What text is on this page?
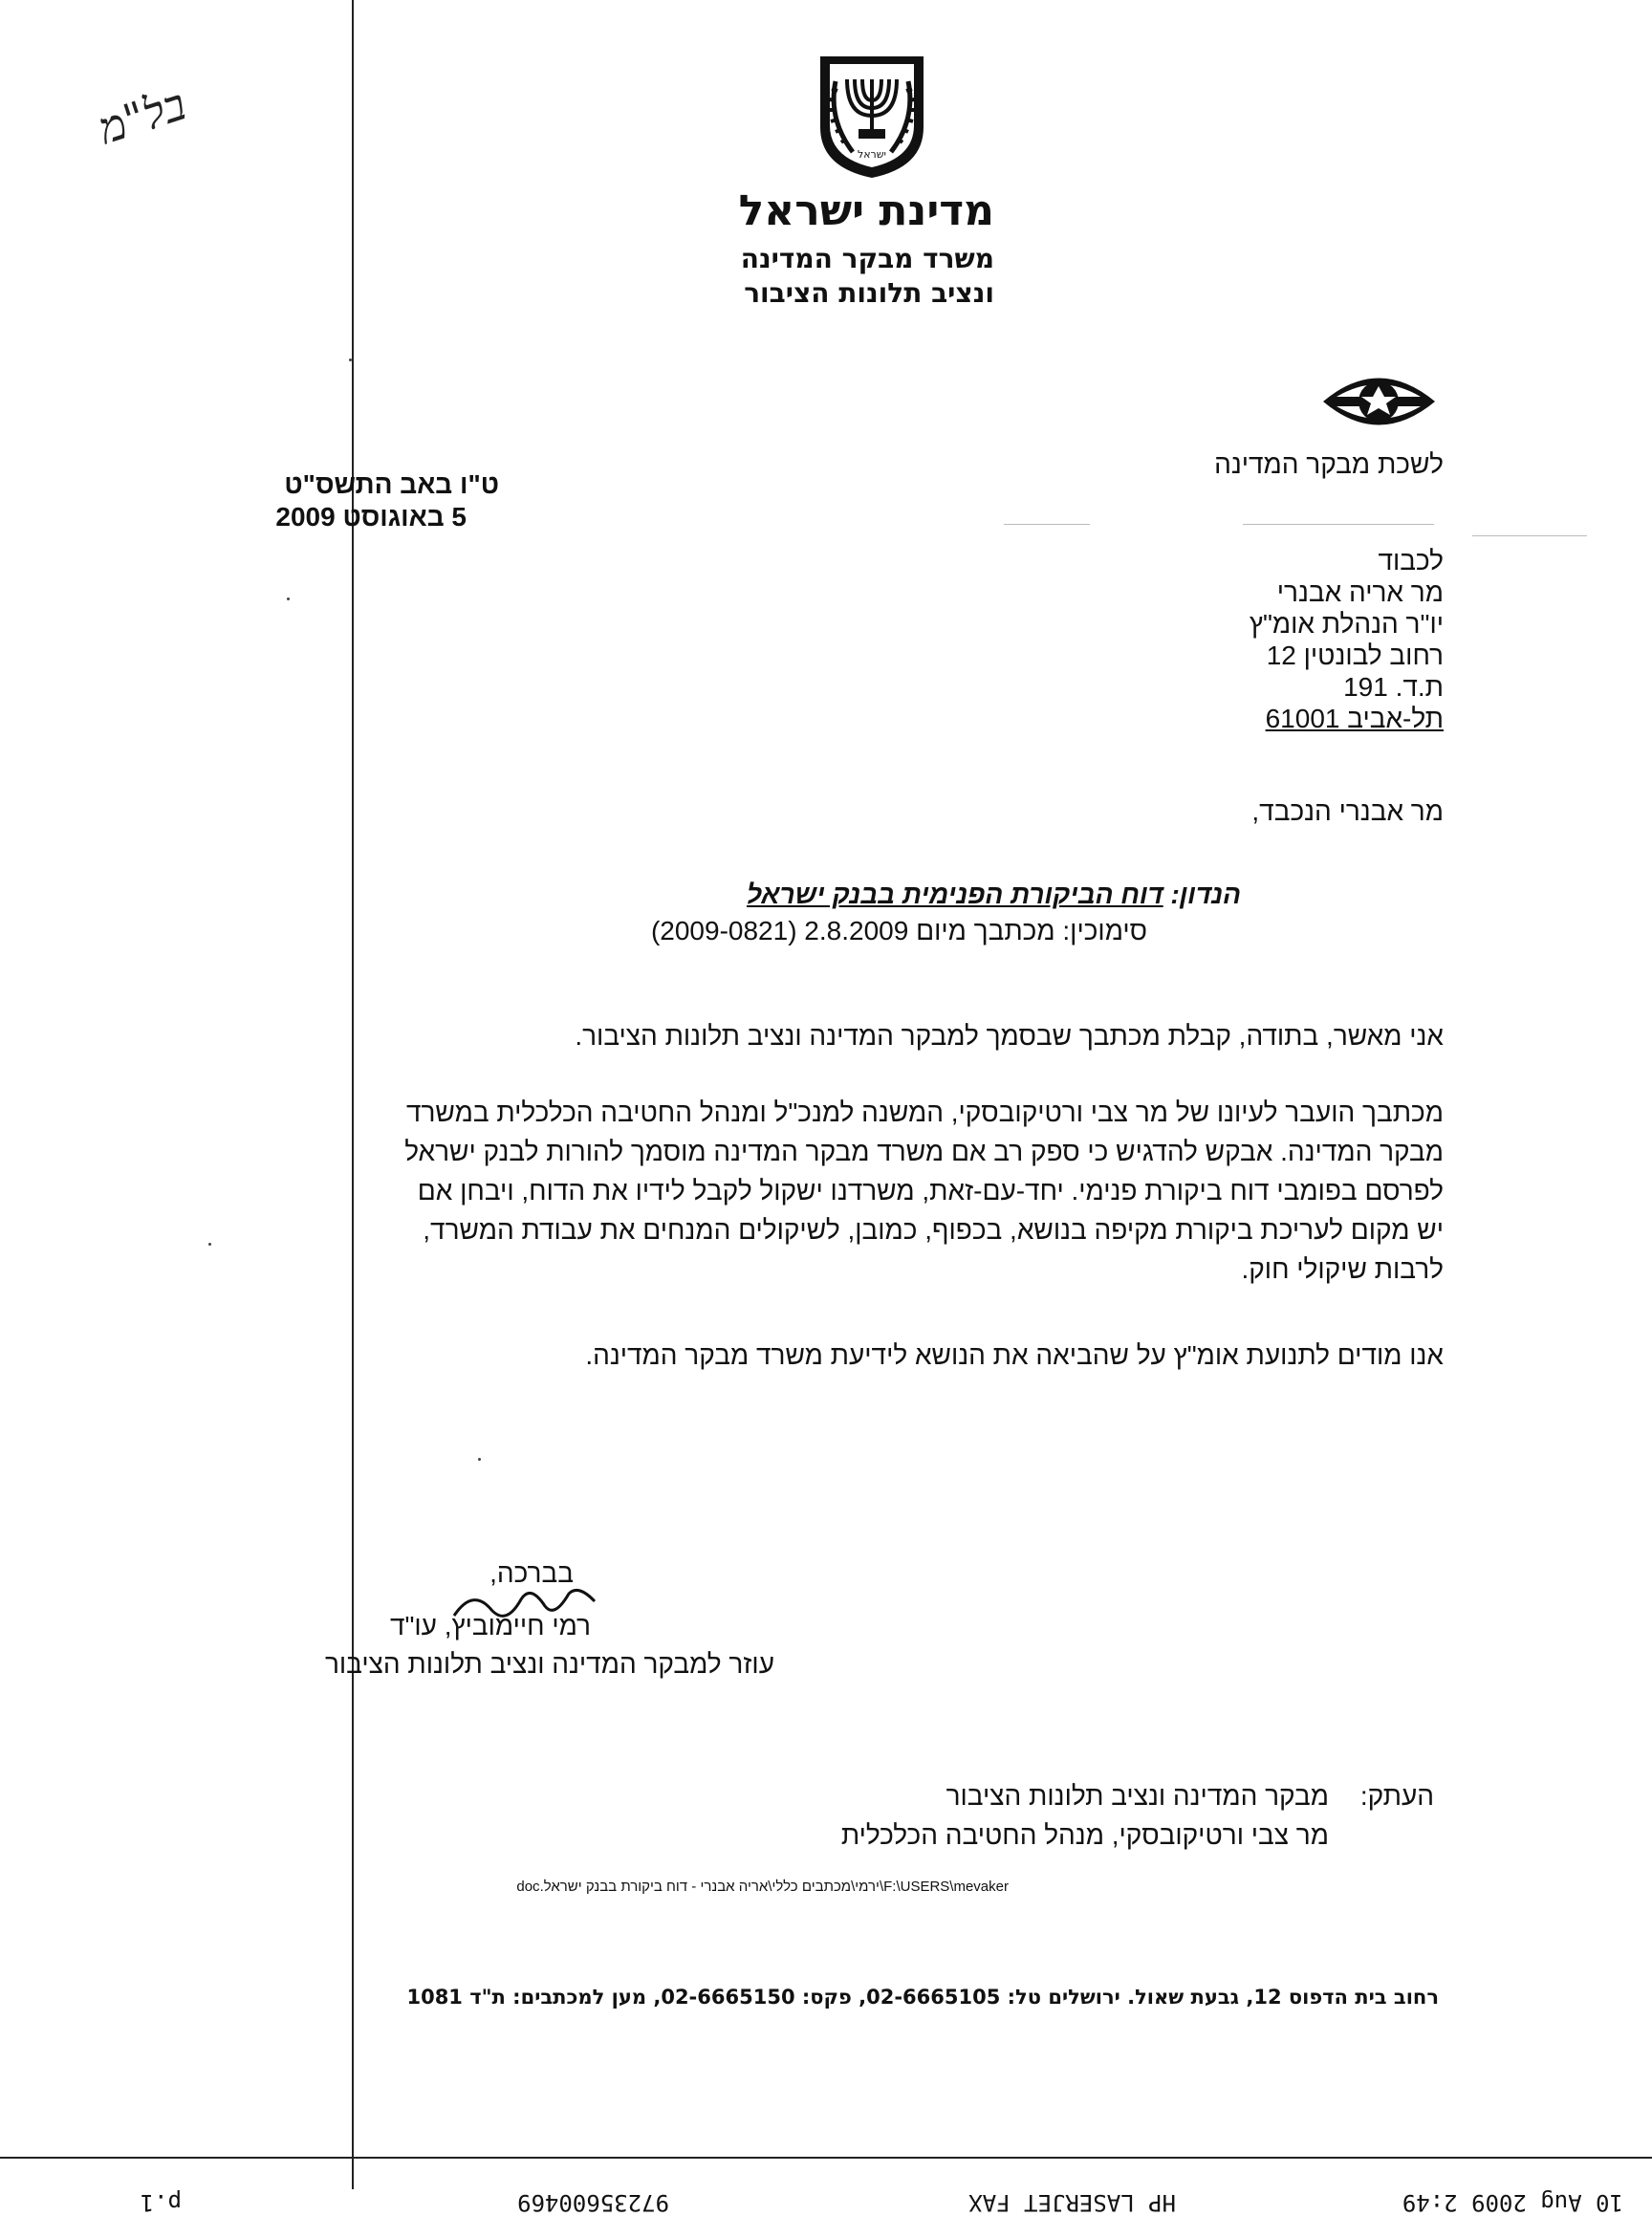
בל"מ
ישראל
מדינת ישראל
משרד מבקר המדינה
ונציב תלונות הציבור
לשכת מבקר המדינה
ט"ו באב התשס"ט
5 באוגוסט 2009
לכבוד
מר אריה אבנרי
יו"ר הנהלת אומ"ץ
רחוב לבונטין 12
ת.ד. 191
תל-אביב 61001
מר אבנרי הנכבד,
הנדון: דוח הביקורת הפנימית בבנק ישראל
סימוכין: מכתבך מיום 2.8.2009 (2009-0821)
אני מאשר, בתודה, קבלת מכתבך שבסמך למבקר המדינה ונציב תלונות הציבור.
מכתבך הועבר לעיונו של מר צבי ורטיקובסקי, המשנה למנכ"ל ומנהל החטיבה הכלכלית במשרד
מבקר המדינה. אבקש להדגיש כי ספק רב אם משרד מבקר המדינה מוסמך להורות לבנק ישראל
לפרסם בפומבי דוח ביקורת פנימי. יחד-עם-זאת, משרדנו ישקול לקבל לידיו את הדוח, ויבחן אם
יש מקום לעריכת ביקורת מקיפה בנושא, בכפוף, כמובן, לשיקולים המנחים את עבודת המשרד,
לרבות שיקולי חוק.
אנו מודים לתנועת אומ"ץ על שהביאה את הנושא לידיעת משרד מבקר המדינה.
בברכה,
רמי חיימוביץ, עו"ד
עוזר למבקר המדינה ונציב תלונות הציבור
העתק:
מבקר המדינה ונציב תלונות הציבור
מר צבי ורטיקובסקי, מנהל החטיבה הכלכלית
F:\USERS\mevaker\ירמי\מכתבים כללי\אריה אבנרי - דוח ביקורת בבנק ישראל.doc
רחוב בית הדפוס 12, גבעת שאול. ירושלים טל: 02-6665105, פקס: 02-6665150, מען למכתבים: ת"ד 1081
10 Aug 2009 2:49
HP LASERJET FAX
97235600469
p.1
